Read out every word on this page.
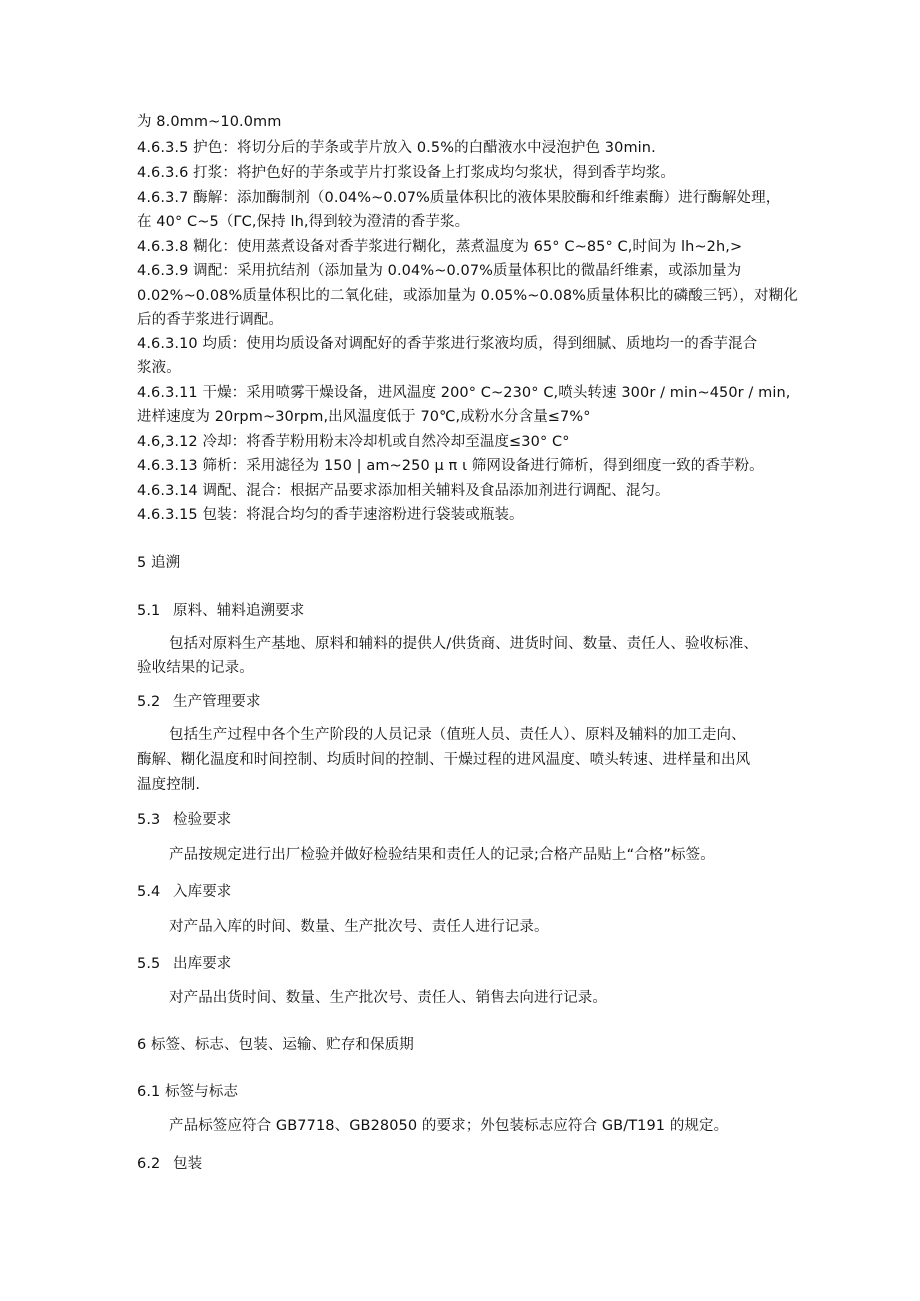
为 8.0mm~10.0mm
4.6.3.5 护色：将切分后的芋条或芋片放入 0.5%的白醋液水中浸泡护色 30min.
4.6.3.6 打浆：将护色好的芋条或芋片打浆设备上打浆成均匀浆状，得到香芋均浆。
4.6.3.7 酶解：添加酶制剂（0.04%~0.07%质量体积比的液体果胶酶和纤维素酶）进行酶解处理，
在 40° C~5（ΓC,保持 lh,得到较为澄清的香芋浆。
4.6.3.8 糊化：使用蒸煮设备对香芋浆进行糊化，蒸煮温度为 65° C~85° C,时间为 lh~2h,>
4.6.3.9 调配：采用抗结剂（添加量为 0.04%~0.07%质量体积比的微晶纤维素，或添加量为
0.02%~0.08%质量体积比的二氧化硅，或添加量为 0.05%~0.08%质量体积比的磷酸三钙），对糊化
后的香芋浆进行调配。
4.6.3.10 均质：使用均质设备对调配好的香芋浆进行浆液均质，得到细腻、质地均一的香芋混合
浆液。
4.6.3.11 干燥：采用喷雾干燥设备，进风温度 200° C~230° C,喷头转速 300r / min~450r / min,
进样速度为 20rpm~30rpm,出风温度低于 70℃,成粉水分含量≤7%°
4.6,3.12 冷却：将香芋粉用粉末冷却机或自然冷却至温度≤30° C°
4.6.3.13 筛析：采用滤径为 150 | am~250 μ π ι 筛网设备进行筛析，得到细度一致的香芋粉。
4.6.3.14 调配、混合：根据产品要求添加相关辅料及食品添加剂进行调配、混匀。
4.6.3.15 包装：将混合均匀的香芋速溶粉进行袋装或瓶装。
5 追溯
5.1 原料、辅料追溯要求
包括对原料生产基地、原料和辅料的提供人/供货商、进货时间、数量、责任人、验收标准、
验收结果的记录。
5.2 生产管理要求
包括生产过程中各个生产阶段的人员记录（值班人员、责任人）、原料及辅料的加工走向、
酶解、糊化温度和时间控制、均质时间的控制、干燥过程的进风温度、喷头转速、进样量和出风
温度控制.
5.3 检验要求
产品按规定进行出厂检验并做好检验结果和责任人的记录;合格产品贴上“合格”标签。
5.4 入库要求
对产品入库的时间、数量、生产批次号、责任人进行记录。
5.5 出库要求
对产品出货时间、数量、生产批次号、责任人、销售去向进行记录。
6 标签、标志、包装、运输、贮存和保质期
6.1 标签与标志
产品标签应符合 GB7718、GB28050 的要求；外包装标志应符合 GB/T191 的规定。
6.2 包装
